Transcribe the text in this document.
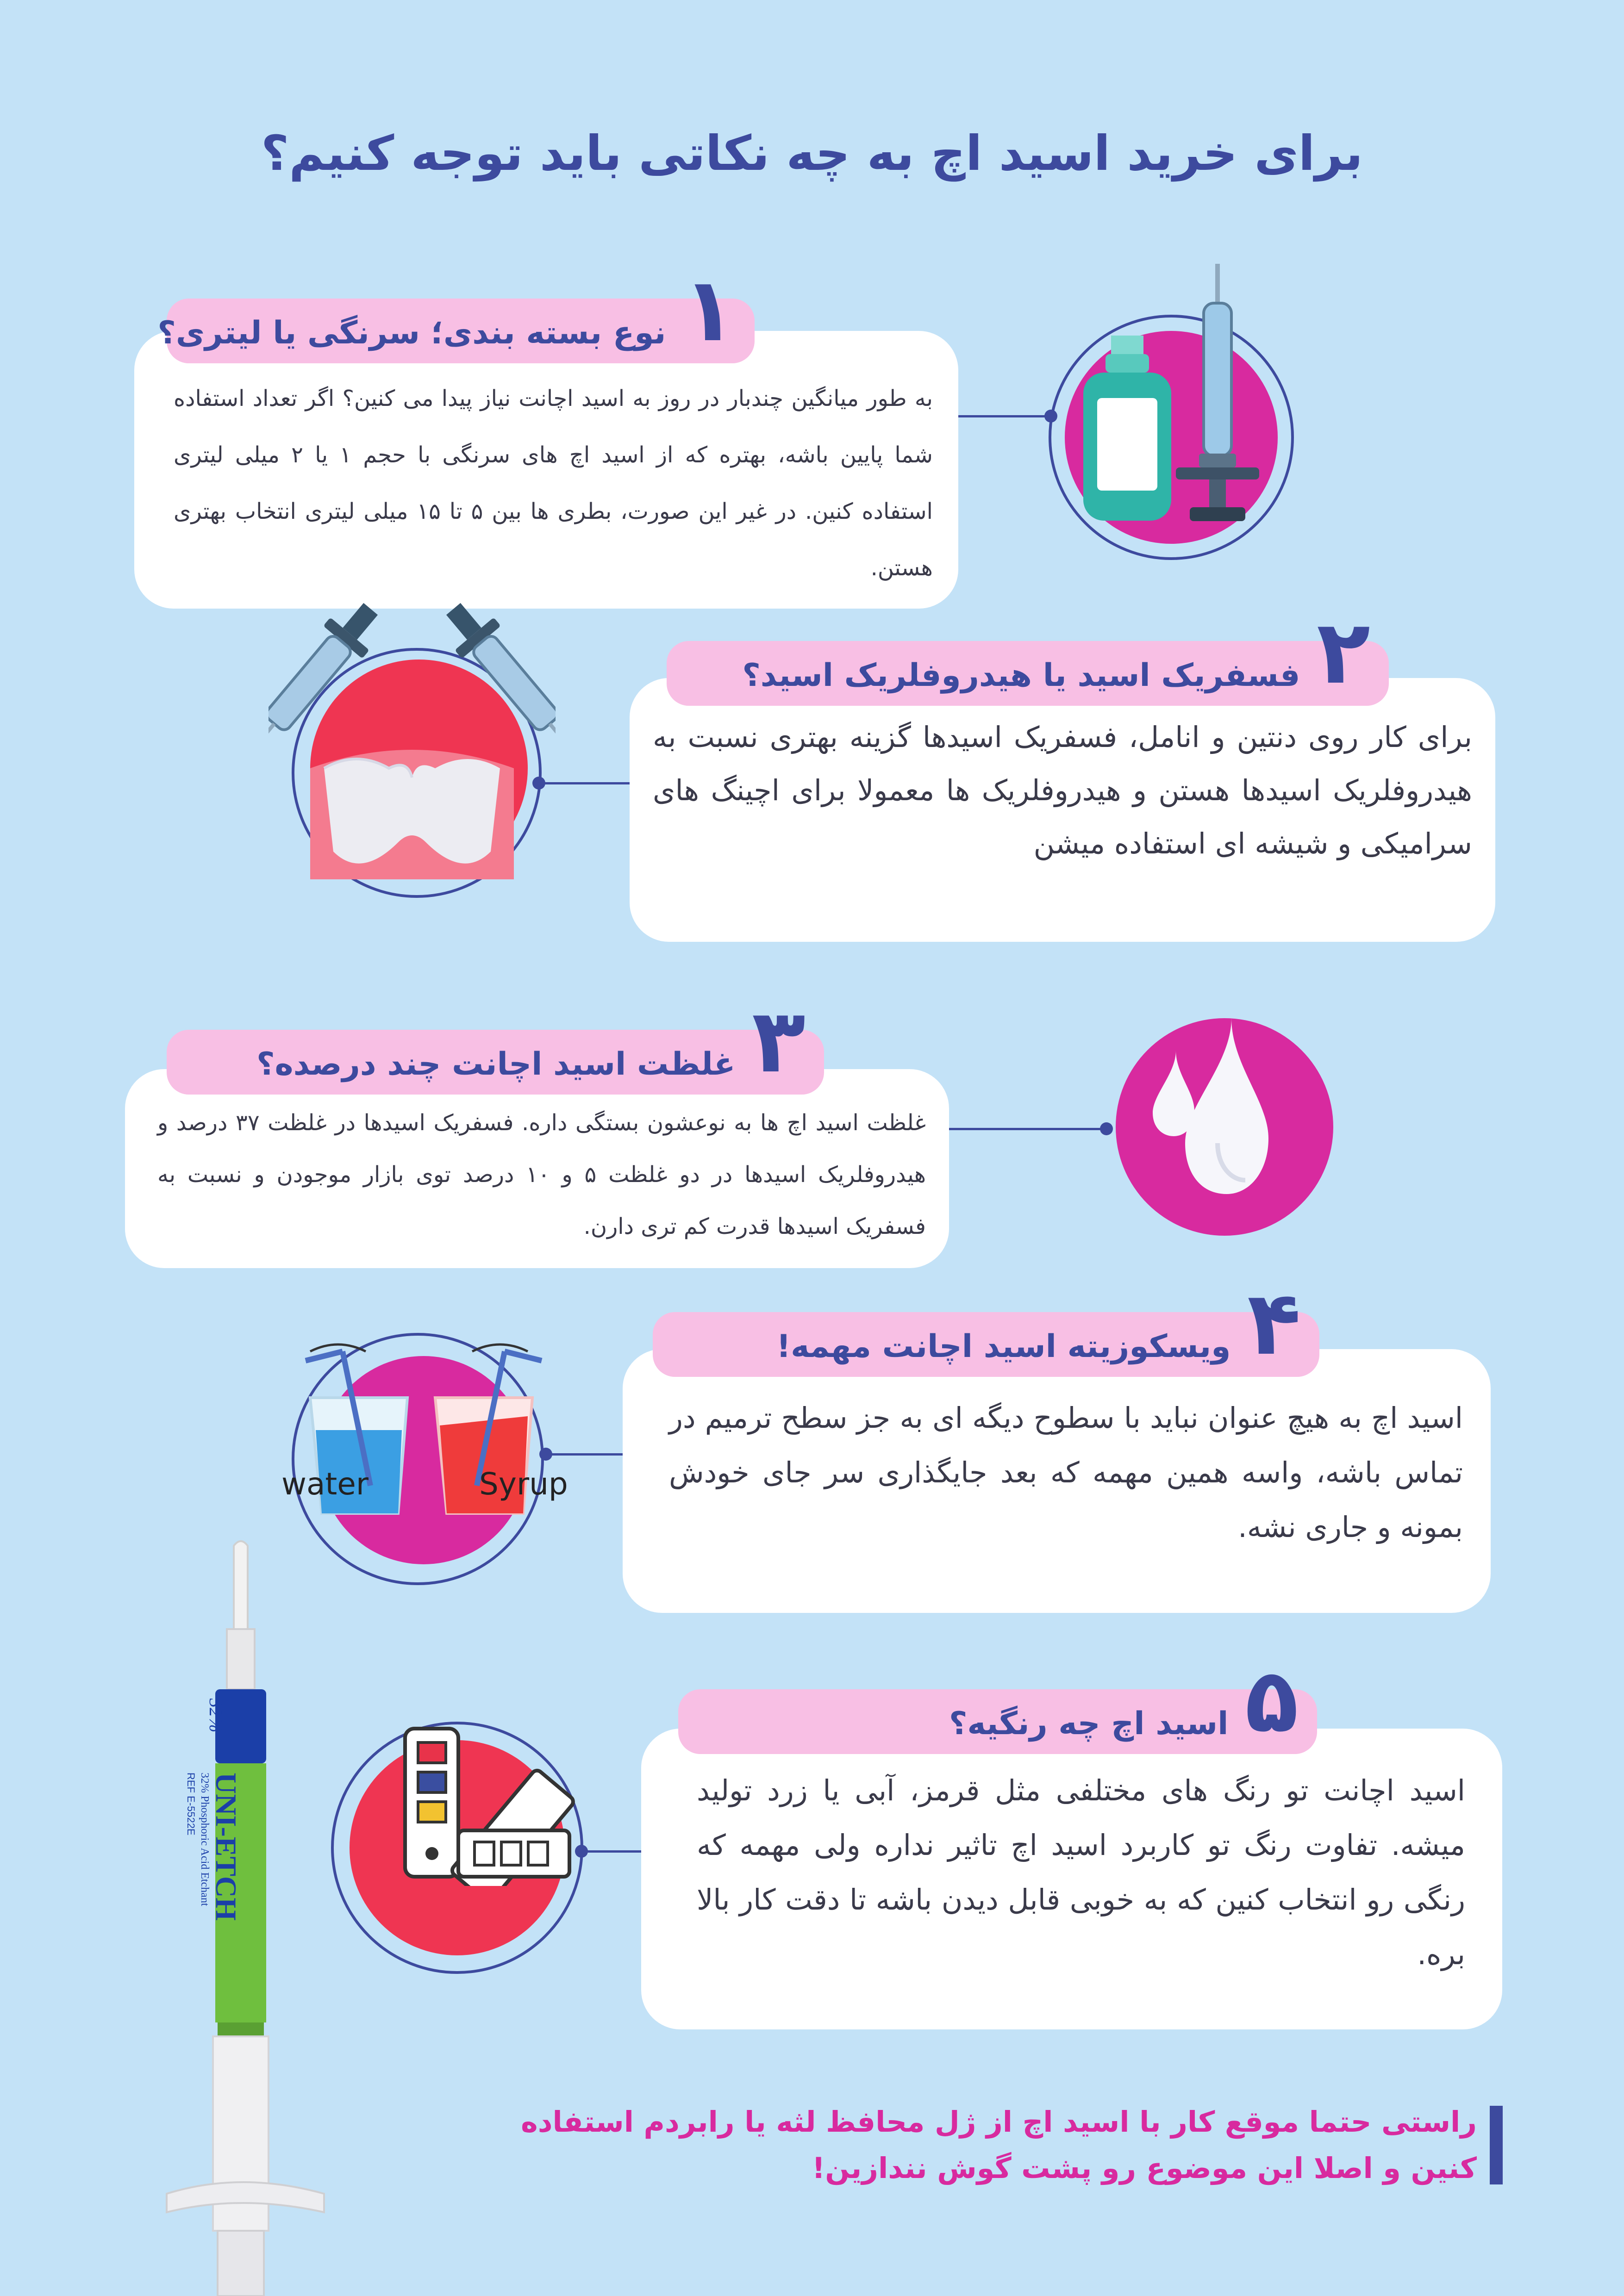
برای خرید اسید اچ به چه نکاتی باید توجه کنیم؟
به طور میانگین چندبار در روز به اسید اچانت نیاز پیدا می کنین؟ اگر تعداد استفاده شما پایین باشه، بهتره که از اسید اچ های سرنگی با حجم ۱ یا ۲ میلی لیتری استفاده کنین. در غیر این صورت، بطری ها بین ۵ تا ۱۵ میلی لیتری انتخاب بهتری هستن.
۱ نوع بسته بندی؛ سرنگی یا لیتری؟
برای کار روی دنتین و انامل، فسفریک اسیدها گزینه بهتری نسبت به هیدروفلریک اسیدها هستن و هیدروفلریک ها معمولا برای اچینگ های سرامیکی و شیشه ای استفاده میشن
۲ فسفریک اسید یا هیدروفلریک اسید؟
غلظت اسید اچ ها به نوعشون بستگی داره. فسفریک اسیدها در غلظت ۳۷ درصد و هیدروفلریک اسیدها در دو غلظت ۵ و ۱۰ درصد توی بازار موجودن و نسبت به فسفریک اسیدها قدرت کم تری دارن.
۳ غلظت اسید اچانت چند درصده؟
اسید اچ به هیچ عنوان نباید با سطوح دیگه ای به جز سطح ترمیم در تماس باشه، واسه همین مهمه که بعد جایگذاری سر جای خودش بمونه و جاری نشه.
۴ ویسکوزیته اسید اچانت مهمه!
water	Syrup
اسید اچانت تو رنگ های مختلفی مثل قرمز، آبی یا زرد تولید میشه. تفاوت رنگ تو کاربرد اسید اچ تاثیر نداره ولی مهمه که رنگی رو انتخاب کنین که به خوبی قابل دیدن باشه تا دقت کار بالا بره.
۵ اسید اچ چه رنگیه؟
32%
UNI-ETCH
32% Phosphoric Acid Etchant
REF E-5522E
راستی حتما موقع کار با اسید اچ از ژل محافظ لثه یا رابردم استفاده کنین و اصلا این موضوع رو پشت گوش نندازین!
